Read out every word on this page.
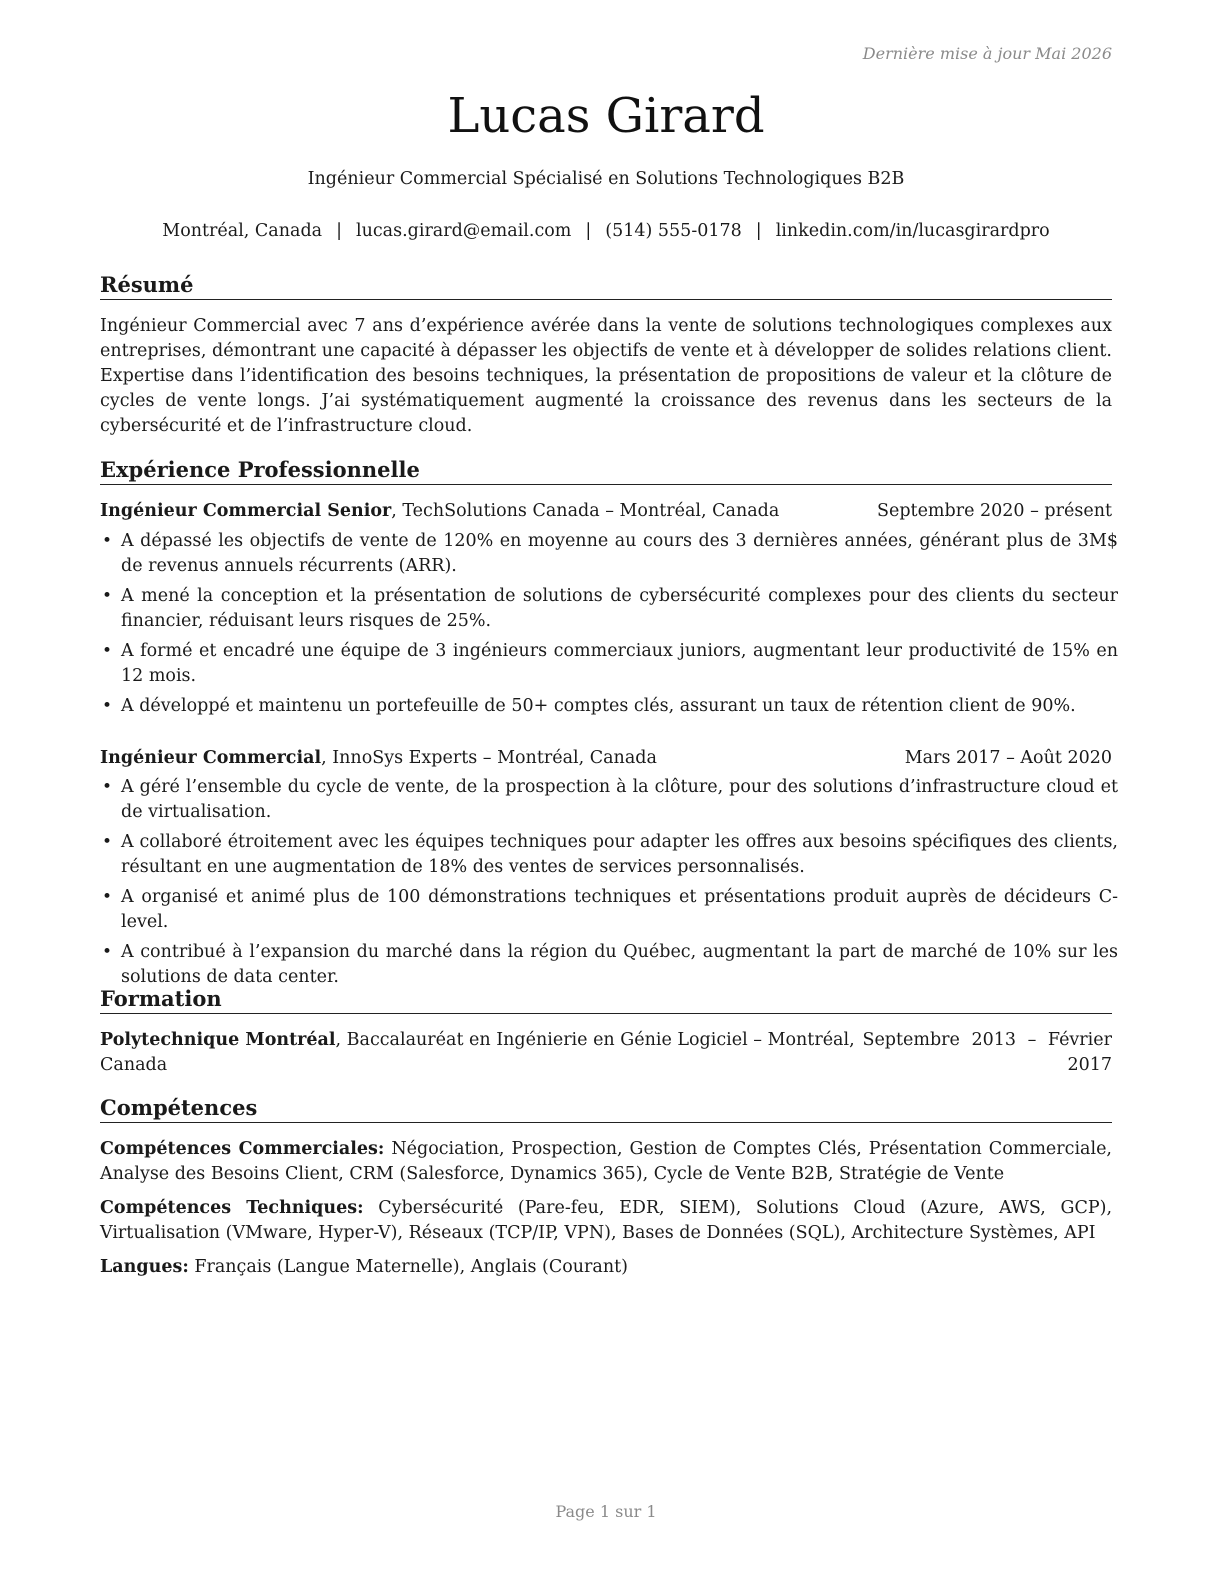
Dernière mise à jour Mai 2026
Lucas Girard
Ingénieur Commercial Spécialisé en Solutions Technologiques B2B
Montréal, Canada | lucas.girard@email.com | (514) 555-0178 | linkedin.com/in/lucasgirardpro
Résumé
Ingénieur Commercial avec 7 ans d’expérience avérée dans la vente de solutions technologiques complexes aux entreprises, démontrant une capacité à dépasser les objectifs de vente et à développer de solides relations client. Expertise dans l’identification des besoins techniques, la présentation de propositions de valeur et la clôture de cycles de vente longs. J’ai systématiquement augmenté la croissance des revenus dans les secteurs de la cybersécurité et de l’infrastructure cloud.
Expérience Professionnelle
Ingénieur Commercial Senior, TechSolutions Canada – Montréal, Canada	Septembre 2020 – présent
• A dépassé les objectifs de vente de 120% en moyenne au cours des 3 dernières années, générant plus de 3M$ de revenus annuels récurrents (ARR).
• A mené la conception et la présentation de solutions de cybersécurité complexes pour des clients du secteur financier, réduisant leurs risques de 25%.
• A formé et encadré une équipe de 3 ingénieurs commerciaux juniors, augmentant leur productivité de 15% en 12 mois.
• A développé et maintenu un portefeuille de 50+ comptes clés, assurant un taux de rétention client de 90%.
Ingénieur Commercial, InnoSys Experts – Montréal, Canada	Mars 2017 – Août 2020
• A géré l’ensemble du cycle de vente, de la prospection à la clôture, pour des solutions d’infrastructure cloud et de virtualisation.
• A collaboré étroitement avec les équipes techniques pour adapter les offres aux besoins spécifiques des clients, résultant en une augmentation de 18% des ventes de services personnalisés.
• A organisé et animé plus de 100 démonstrations techniques et présentations produit auprès de décideurs C-level.
• A contribué à l’expansion du marché dans la région du Québec, augmentant la part de marché de 10% sur les solutions de data center.
Formation
Septembre 2013 – Février 2017
Polytechnique Montréal, Baccalauréat en Ingénierie en Génie Logiciel – Montréal, Canada
Compétences
Compétences Commerciales: Négociation, Prospection, Gestion de Comptes Clés, Présentation Commerciale, Analyse des Besoins Client, CRM (Salesforce, Dynamics 365), Cycle de Vente B2B, Stratégie de Vente
Compétences Techniques: Cybersécurité (Pare-feu, EDR, SIEM), Solutions Cloud (Azure, AWS, GCP), Virtualisation (VMware, Hyper-V), Réseaux (TCP/IP, VPN), Bases de Données (SQL), Architecture Systèmes, API
Langues: Français (Langue Maternelle), Anglais (Courant)
Page 1 sur 1
